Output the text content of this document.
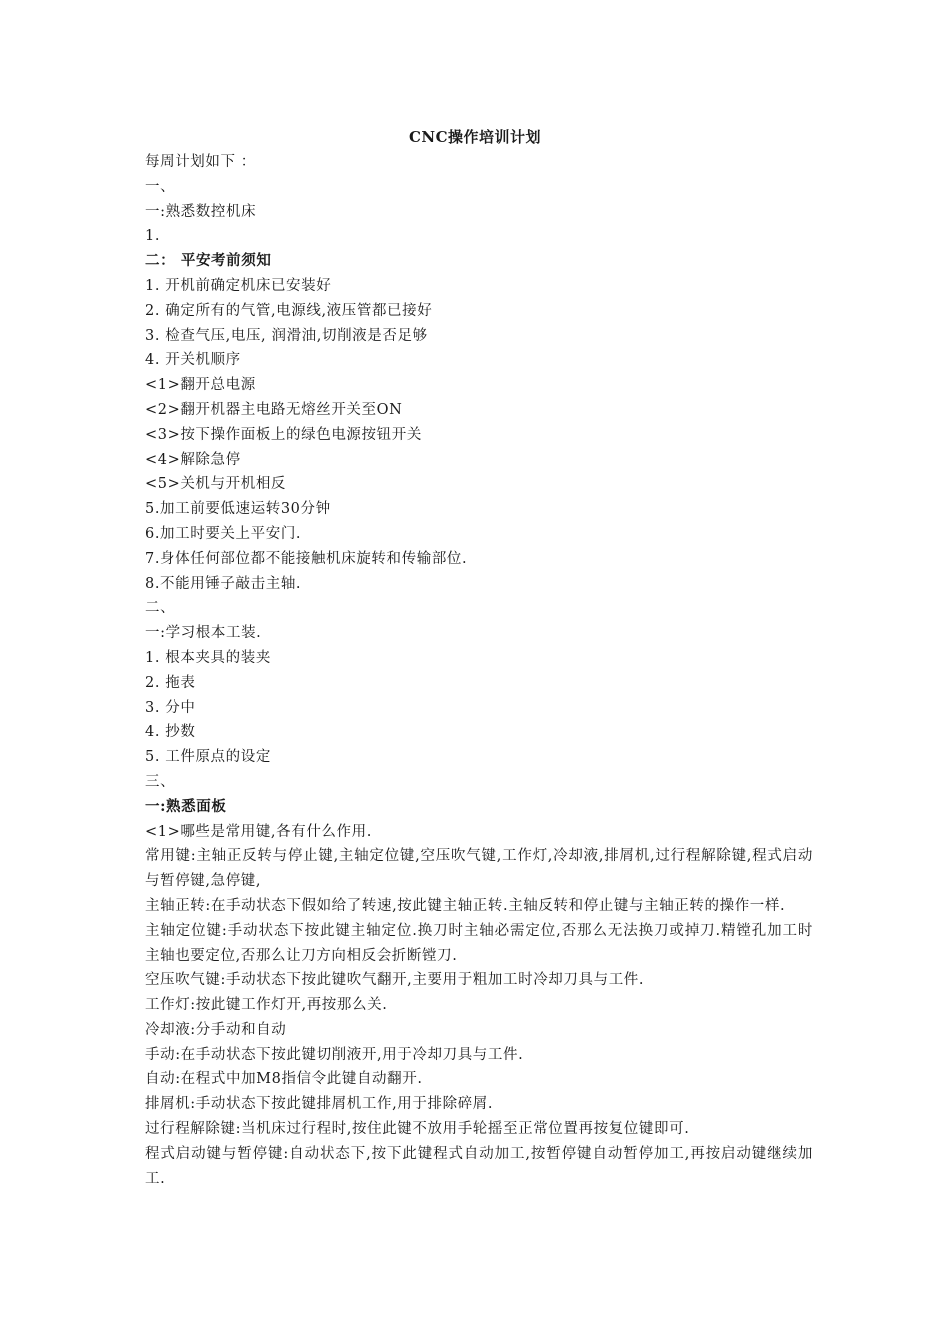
CNC操作培训计划

每周计划如下 ：

一、

一:熟悉数控机床

1.

二： 平安考前须知

1. 开机前确定机床已安装好

2. 确定所有的气管,电源线,液压管都已接好

3. 检查气压,电压, 润滑油,切削液是否足够

4. 开关机顺序

<1>翻开总电源

<2>翻开机器主电路无熔丝开关至ON

<3>按下操作面板上的绿色电源按钮开关

<4>解除急停

<5>关机与开机相反

5.加工前要低速运转30分钟

6.加工时要关上平安门.

7.身体任何部位都不能接触机床旋转和传输部位.

8.不能用锤子敲击主轴.

二、

一:学习根本工装.

1. 根本夹具的装夹

2. 拖表

3. 分中

4. 抄数

5. 工件原点的设定

三、

一:熟悉面板

<1>哪些是常用键,各有什么作用.

常用键:主轴正反转与停止键,主轴定位键,空压吹气键,工作灯,冷却液,排屑机,过行程解除键,程式启动与暂停键,急停键,

主轴正转:在手动状态下假如给了转速,按此键主轴正转.主轴反转和停止键与主轴正转的操作一样.

主轴定位键:手动状态下按此键主轴定位.换刀时主轴必需定位,否那么无法换刀或掉刀.精镗孔加工时主轴也要定位,否那么让刀方向相反会折断镗刀.

空压吹气键:手动状态下按此键吹气翻开,主要用于粗加工时冷却刀具与工件.

工作灯:按此键工作灯开,再按那么关.

冷却液:分手动和自动

手动:在手动状态下按此键切削液开,用于冷却刀具与工件.

自动:在程式中加M8指信令此键自动翻开.

排屑机:手动状态下按此键排屑机工作,用于排除碎屑.

过行程解除键:当机床过行程时,按住此键不放用手轮摇至正常位置再按复位键即可.

程式启动键与暂停键:自动状态下,按下此键程式自动加工,按暂停键自动暂停加工,再按启动键继续加工.
